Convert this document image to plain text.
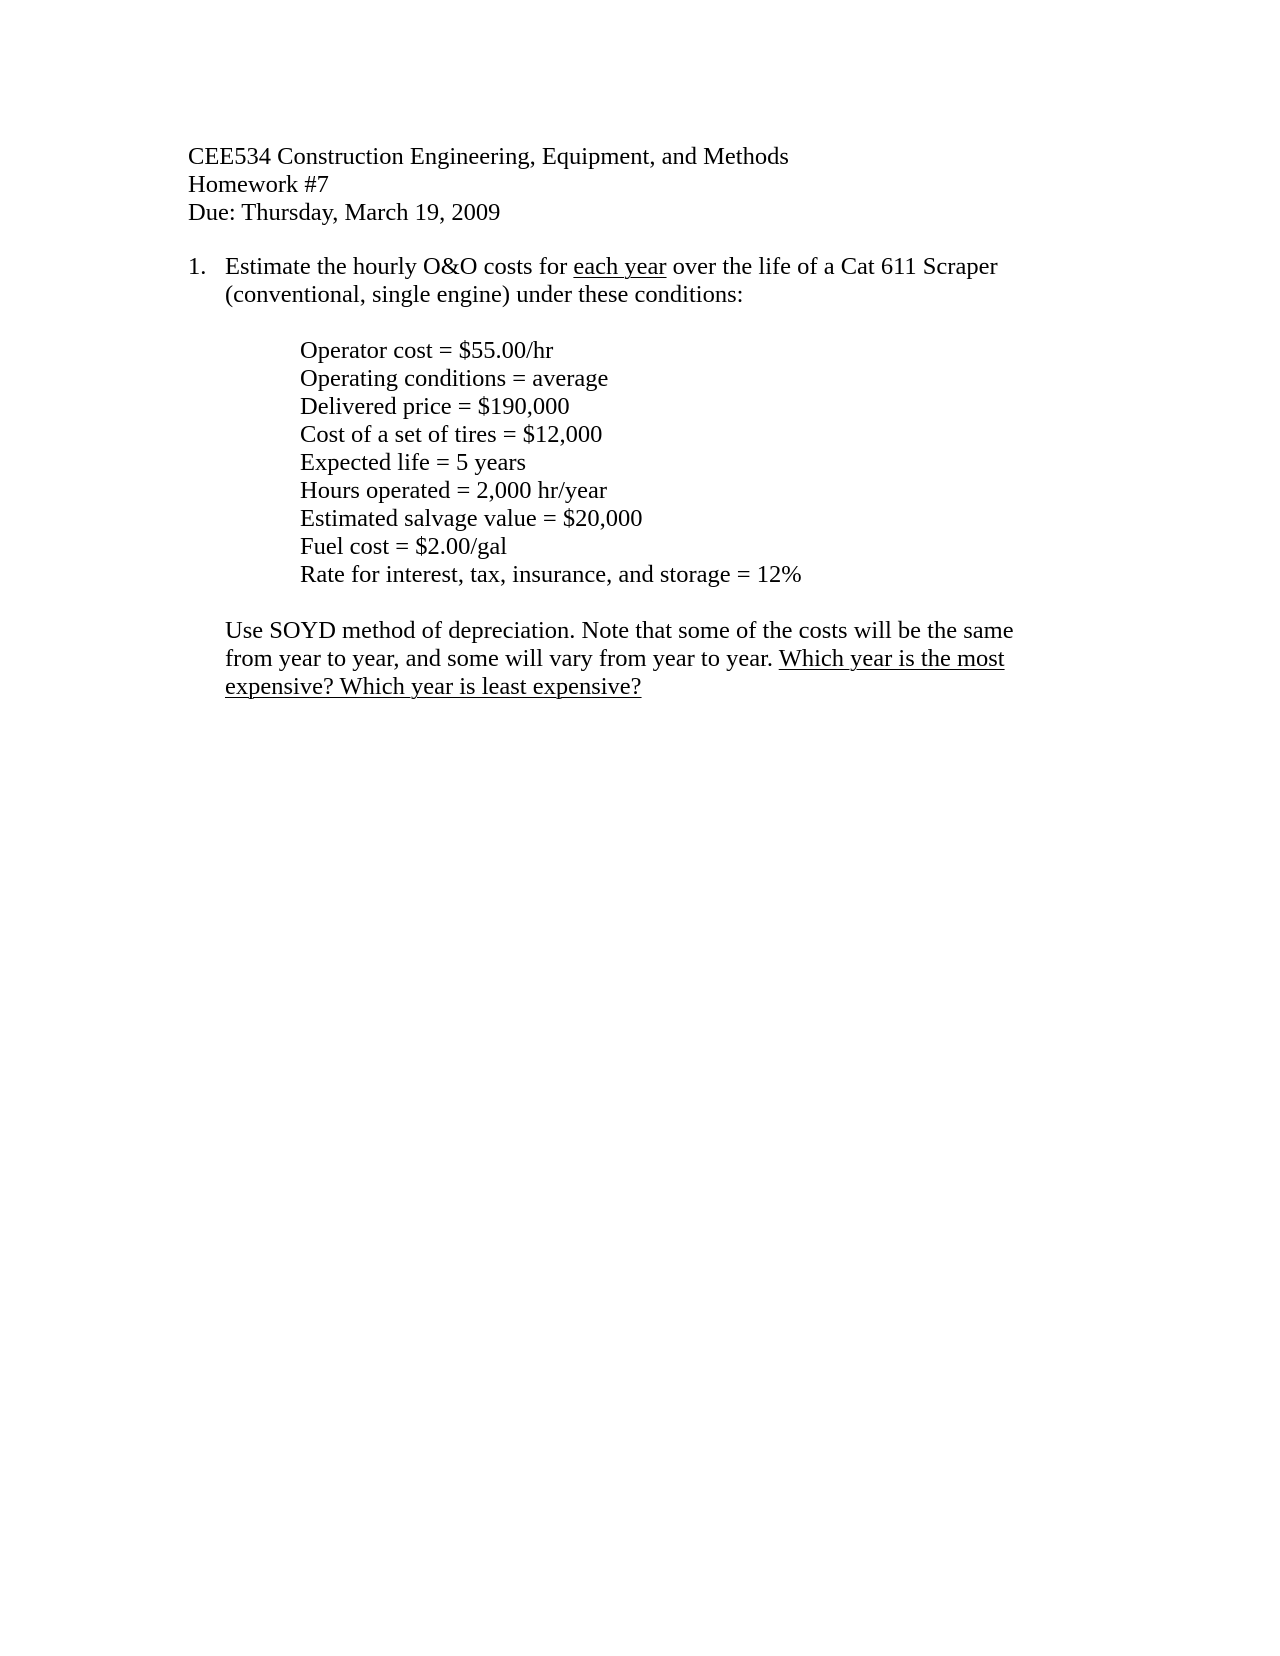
CEE534 Construction Engineering, Equipment, and Methods
Homework #7
Due: Thursday, March 19, 2009
1. Estimate the hourly O&O costs for each year over the life of a Cat 611 Scraper
(conventional, single engine) under these conditions:
Operator cost = $55.00/hr
Operating conditions = average
Delivered price = $190,000
Cost of a set of tires = $12,000
Expected life = 5 years
Hours operated = 2,000 hr/year
Estimated salvage value = $20,000
Fuel cost = $2.00/gal
Rate for interest, tax, insurance, and storage = 12%
Use SOYD method of depreciation. Note that some of the costs will be the same
from year to year, and some will vary from year to year. Which year is the most
expensive? Which year is least expensive?
